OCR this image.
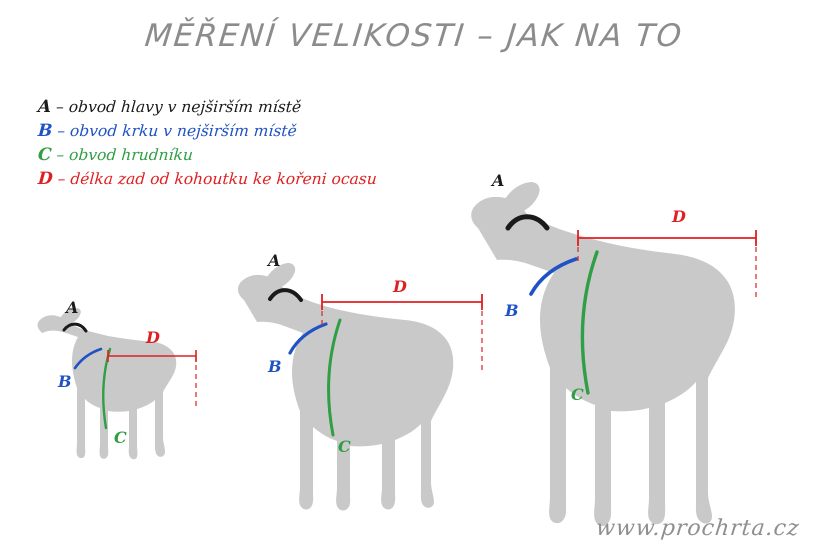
MĚŘENÍ VELIKOSTI – JAK NA TO
A – obvod hlavy v nejširším místě
B – obvod krku v nejširším místě
C – obvod hrudníku
D – délka zad od kohoutku ke kořeni ocasu
A
B
C
D
A
B
C
D
A
B
C
D
www.prochrta.cz
